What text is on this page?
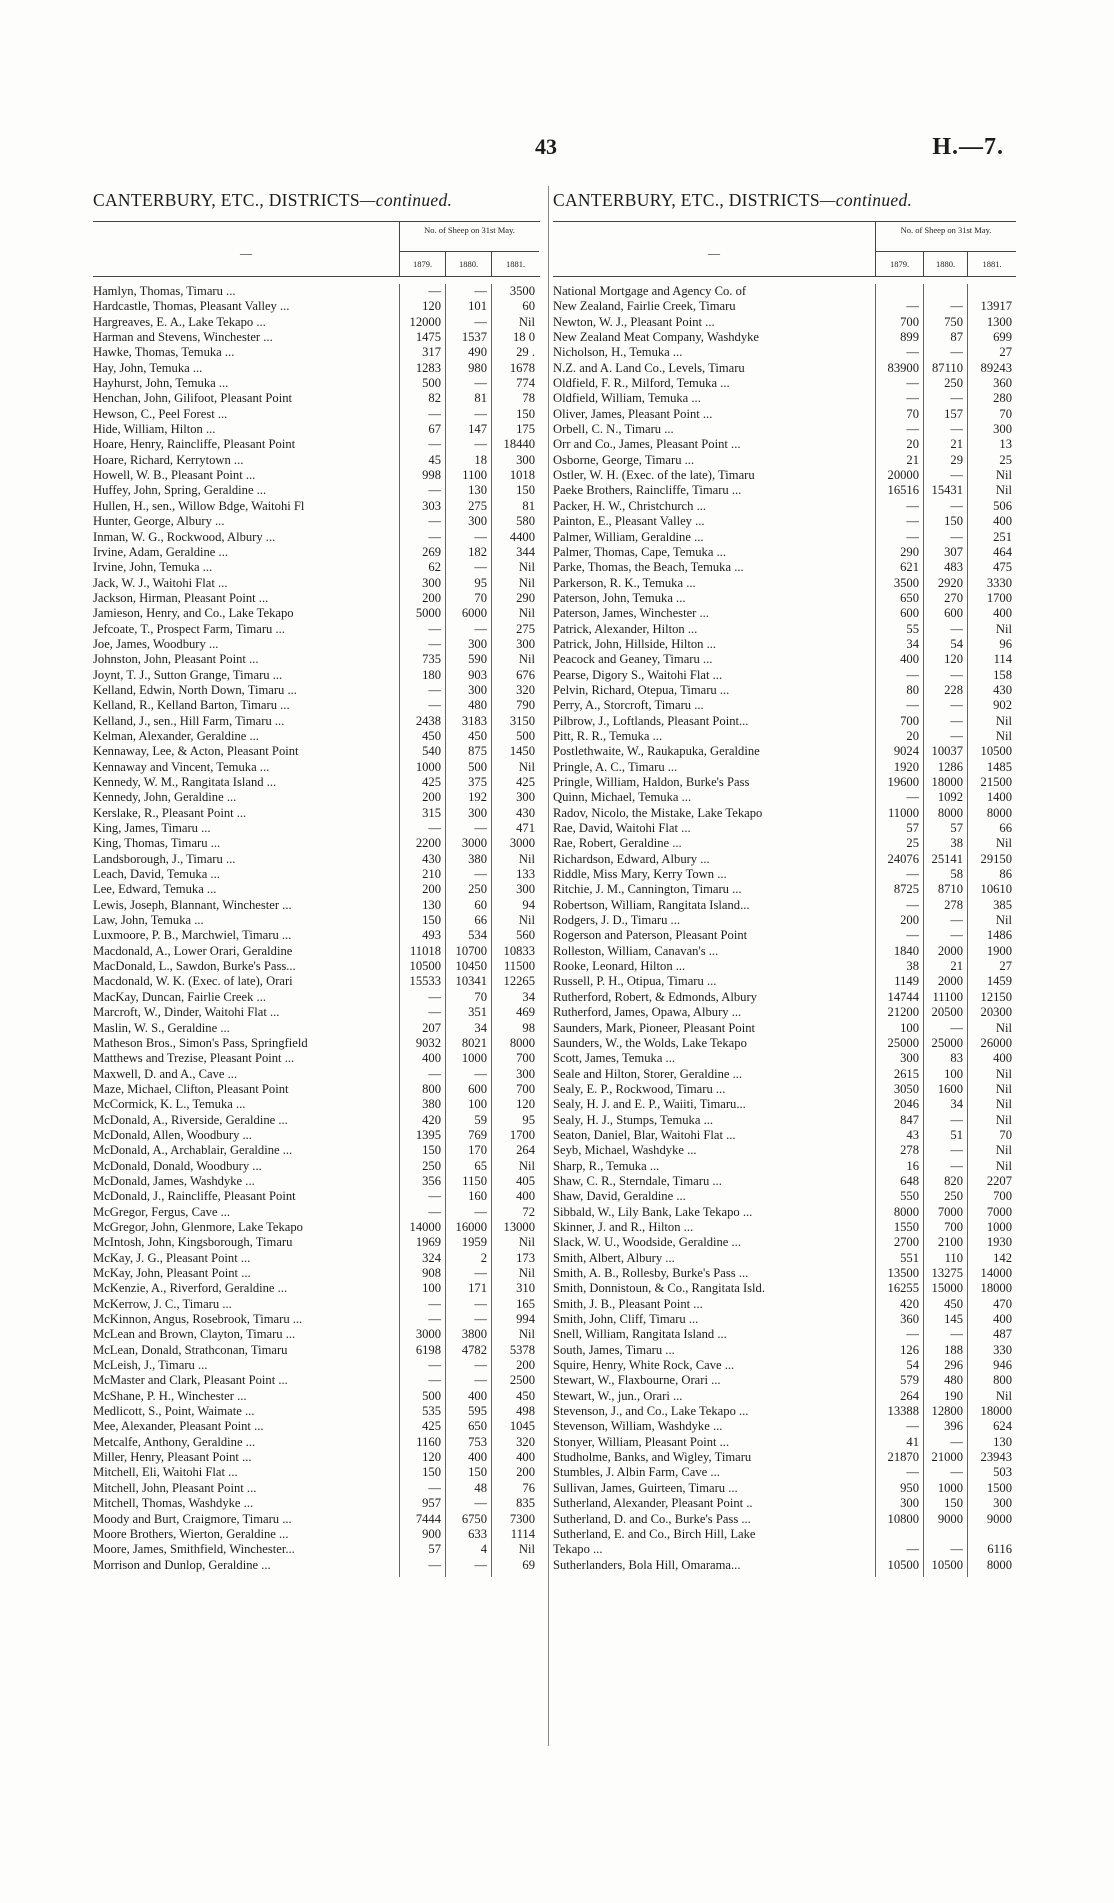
43	H.—7.
CANTERBURY, ETC., DISTRICTS—continued.
—
No. of Sheep on 31st May.
1879.	1880.	1881.
Hamlyn, Thomas, Timaru ...	—	—	3500
Hardcastle, Thomas, Pleasant Valley ...	120	101	60
Hargreaves, E. A., Lake Tekapo ...	12000	—	Nil
Harman and Stevens, Winchester ...	1475	1537	18 0
Hawke, Thomas, Temuka ...	317	490	29 .
Hay, John, Temuka ...	1283	980	1678
Hayhurst, John, Temuka ...	500	—	774
Henchan, John, Gilifoot, Pleasant Point	82	81	78
Hewson, C., Peel Forest ...	—	—	150
Hide, William, Hilton ...	67	147	175
Hoare, Henry, Raincliffe, Pleasant Point	—	—	18440
Hoare, Richard, Kerrytown ...	45	18	300
Howell, W. B., Pleasant Point ...	998	1100	1018
Huffey, John, Spring, Geraldine ...	—	130	150
Hullen, H., sen., Willow Bdge, Waitohi Fl	303	275	81
Hunter, George, Albury ...	—	300	580
Inman, W. G., Rockwood, Albury ...	—	—	4400
Irvine, Adam, Geraldine ...	269	182	344
Irvine, John, Temuka ...	62	—	Nil
Jack, W. J., Waitohi Flat ...	300	95	Nil
Jackson, Hirman, Pleasant Point ...	200	70	290
Jamieson, Henry, and Co., Lake Tekapo	5000	6000	Nil
Jefcoate, T., Prospect Farm, Timaru ...	—	—	275
Joe, James, Woodbury ...	—	300	300
Johnston, John, Pleasant Point ...	735	590	Nil
Joynt, T. J., Sutton Grange, Timaru ...	180	903	676
Kelland, Edwin, North Down, Timaru ...	—	300	320
Kelland, R., Kelland Barton, Timaru ...	—	480	790
Kelland, J., sen., Hill Farm, Timaru ...	2438	3183	3150
Kelman, Alexander, Geraldine ...	450	450	500
Kennaway, Lee, & Acton, Pleasant Point	540	875	1450
Kennaway and Vincent, Temuka ...	1000	500	Nil
Kennedy, W. M., Rangitata Island ...	425	375	425
Kennedy, John, Geraldine ...	200	192	300
Kerslake, R., Pleasant Point ...	315	300	430
King, James, Timaru ...	—	—	471
King, Thomas, Timaru ...	2200	3000	3000
Landsborough, J., Timaru ...	430	380	Nil
Leach, David, Temuka ...	210	—	133
Lee, Edward, Temuka ...	200	250	300
Lewis, Joseph, Blannant, Winchester ...	130	60	94
Law, John, Temuka ...	150	66	Nil
Luxmoore, P. B., Marchwiel, Timaru ...	493	534	560
Macdonald, A., Lower Orari, Geraldine	11018	10700	10833
MacDonald, L., Sawdon, Burke's Pass...	10500	10450	11500
Macdonald, W. K. (Exec. of late), Orari	15533	10341	12265
MacKay, Duncan, Fairlie Creek ...	—	70	34
Marcroft, W., Dinder, Waitohi Flat ...	—	351	469
Maslin, W. S., Geraldine ...	207	34	98
Matheson Bros., Simon's Pass, Springfield	9032	8021	8000
Matthews and Trezise, Pleasant Point ...	400	1000	700
Maxwell, D. and A., Cave ...	—	—	300
Maze, Michael, Clifton, Pleasant Point	800	600	700
McCormick, K. L., Temuka ...	380	100	120
McDonald, A., Riverside, Geraldine ...	420	59	95
McDonald, Allen, Woodbury ...	1395	769	1700
McDonald, A., Archablair, Geraldine ...	150	170	264
McDonald, Donald, Woodbury ...	250	65	Nil
McDonald, James, Washdyke ...	356	1150	405
McDonald, J., Raincliffe, Pleasant Point	—	160	400
McGregor, Fergus, Cave ...	—	—	72
McGregor, John, Glenmore, Lake Tekapo	14000	16000	13000
McIntosh, John, Kingsborough, Timaru	1969	1959	Nil
McKay, J. G., Pleasant Point ...	324	2	173
McKay, John, Pleasant Point ...	908	—	Nil
McKenzie, A., Riverford, Geraldine ...	100	171	310
McKerrow, J. C., Timaru ...	—	—	165
McKinnon, Angus, Rosebrook, Timaru ...	—	—	994
McLean and Brown, Clayton, Timaru ...	3000	3800	Nil
McLean, Donald, Strathconan, Timaru	6198	4782	5378
McLeish, J., Timaru ...	—	—	200
McMaster and Clark, Pleasant Point ...	—	—	2500
McShane, P. H., Winchester ...	500	400	450
Medlicott, S., Point, Waimate ...	535	595	498
Mee, Alexander, Pleasant Point ...	425	650	1045
Metcalfe, Anthony, Geraldine ...	1160	753	320
Miller, Henry, Pleasant Point ...	120	400	400
Mitchell, Eli, Waitohi Flat ...	150	150	200
Mitchell, John, Pleasant Point ...	—	48	76
Mitchell, Thomas, Washdyke ...	957	—	835
Moody and Burt, Craigmore, Timaru ...	7444	6750	7300
Moore Brothers, Wierton, Geraldine ...	900	633	1114
Moore, James, Smithfield, Winchester...	57	4	Nil
Morrison and Dunlop, Geraldine ...	—	—	69
CANTERBURY, ETC., DISTRICTS—continued.
—
No. of Sheep on 31st May.
1879.	1880.	1881.
National Mortgage and Agency Co. of
New Zealand, Fairlie Creek, Timaru	—	—	13917
Newton, W. J., Pleasant Point ...	700	750	1300
New Zealand Meat Company, Washdyke	899	87	699
Nicholson, H., Temuka ...	—	—	27
N.Z. and A. Land Co., Levels, Timaru	83900	87110	89243
Oldfield, F. R., Milford, Temuka ...	—	250	360
Oldfield, William, Temuka ...	—	—	280
Oliver, James, Pleasant Point ...	70	157	70
Orbell, C. N., Timaru ...	—	—	300
Orr and Co., James, Pleasant Point ...	20	21	13
Osborne, George, Timaru ...	21	29	25
Ostler, W. H. (Exec. of the late), Timaru	20000	—	Nil
Paeke Brothers, Raincliffe, Timaru ...	16516 15431	Nil
Packer, H. W., Christchurch ...	—	—	506
Painton, E., Pleasant Valley ...	—	150	400
Palmer, William, Geraldine ...	—	—	251
Palmer, Thomas, Cape, Temuka ...	290	307	464
Parke, Thomas, the Beach, Temuka ...	621	483	475
Parkerson, R. K., Temuka ...	3500	2920	3330
Paterson, John, Temuka ...	650	270	1700
Paterson, James, Winchester ...	600	600	400
Patrick, Alexander, Hilton ...	55	—	Nil
Patrick, John, Hillside, Hilton ...	34	54	96
Peacock and Geaney, Timaru ...	400	120	114
Pearse, Digory S., Waitohi Flat ...	—	—	158
Pelvin, Richard, Otepua, Timaru ...	80	228	430
Perry, A., Storcroft, Timaru ...	—	—	902
Pilbrow, J., Loftlands, Pleasant Point...	700	—	Nil
Pitt, R. R., Temuka ...	20	—	Nil
Postlethwaite, W., Raukapuka, Geraldine	9024 10037	10500
Pringle, A. C., Timaru ...	1920	1286	1485
Pringle, William, Haldon, Burke's Pass	19600 18000	21500
Quinn, Michael, Temuka ...	—	1092	1400
Radov, Nicolo, the Mistake, Lake Tekapo	11000	8000	8000
Rae, David, Waitohi Flat ...	57	57	66
Rae, Robert, Geraldine ...	25	38	Nil
Richardson, Edward, Albury ...	24076 25141	29150
Riddle, Miss Mary, Kerry Town ...	—	58	86
Ritchie, J. M., Cannington, Timaru ...	8725	8710	10610
Robertson, William, Rangitata Island...	—	278	385
Rodgers, J. D., Timaru ...	200	—	Nil
Rogerson and Paterson, Pleasant Point	—	—	1486
Rolleston, William, Canavan's ...	1840	2000	1900
Rooke, Leonard, Hilton ...	38	21	27
Russell, P. H., Otipua, Timaru ...	1149	2000	1459
Rutherford, Robert, & Edmonds, Albury	14744	11100	12150
Rutherford, James, Opawa, Albury ...	21200 20500	20300
Saunders, Mark, Pioneer, Pleasant Point	100	—	Nil
Saunders, W., the Wolds, Lake Tekapo	25000 25000	26000
Scott, James, Temuka ...	300	83	400
Seale and Hilton, Storer, Geraldine ...	2615	100	Nil
Sealy, E. P., Rockwood, Timaru ...	3050	1600	Nil
Sealy, H. J. and E. P., Waiiti, Timaru...	2046	34	Nil
Sealy, H. J., Stumps, Temuka ...	847	—	Nil
Seaton, Daniel, Blar, Waitohi Flat ...	43	51	70
Seyb, Michael, Washdyke ...	278	—	Nil
Sharp, R., Temuka ...	16	—	Nil
Shaw, C. R., Sterndale, Timaru ...	648	820	2207
Shaw, David, Geraldine ...	550	250	700
Sibbald, W., Lily Bank, Lake Tekapo ...	8000	7000	7000
Skinner, J. and R., Hilton ...	1550	700	1000
Slack, W. U., Woodside, Geraldine ...	2700	2100	1930
Smith, Albert, Albury ...	551	110	142
Smith, A. B., Rollesby, Burke's Pass ...	13500 13275	14000
Smith, Donnistoun, & Co., Rangitata Isld.	16255 15000	18000
Smith, J. B., Pleasant Point ...	420	450	470
Smith, John, Cliff, Timaru ...	360	145	400
Snell, William, Rangitata Island ...	—	—	487
South, James, Timaru ...	126	188	330
Squire, Henry, White Rock, Cave ...	54	296	946
Stewart, W., Flaxbourne, Orari ...	579	480	800
Stewart, W., jun., Orari ...	264	190	Nil
Stevenson, J., and Co., Lake Tekapo ...	13388 12800	18000
Stevenson, William, Washdyke ...	—	396	624
Stonyer, William, Pleasant Point ...	41	—	130
Studholme, Banks, and Wigley, Timaru	21870 21000	23943
Stumbles, J. Albin Farm, Cave ...	—	—	503
Sullivan, James, Guirteen, Timaru ...	950	1000	1500
Sutherland, Alexander, Pleasant Point ..	300	150	300
Sutherland, D. and Co., Burke's Pass ...	10800	9000	9000
Sutherland, E. and Co., Birch Hill, Lake
Tekapo ...	—	—	6116
Sutherlanders, Bola Hill, Omarama...	10500 10500	8000
